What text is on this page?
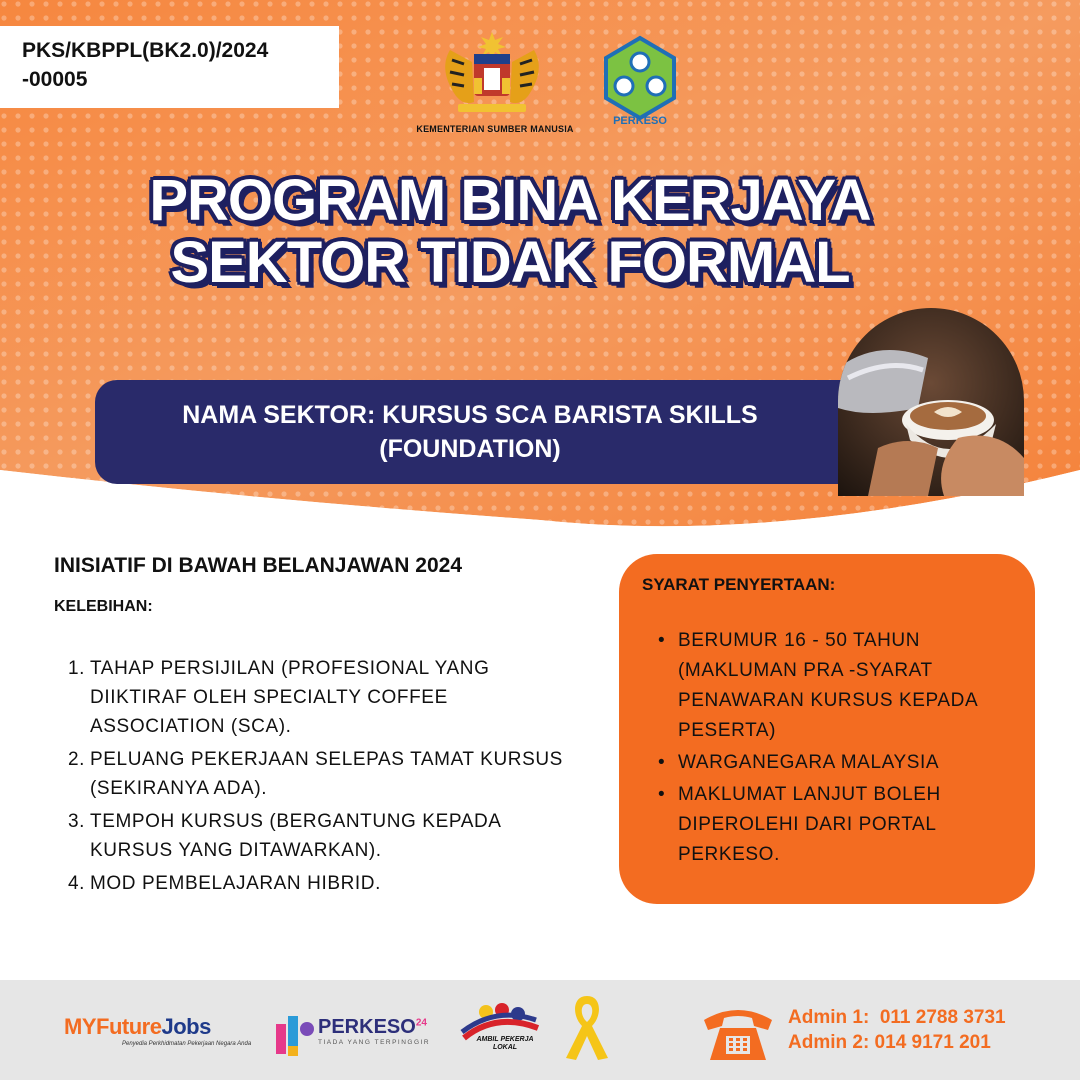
PKS/KBPPL(BK2.0)/2024
-00005
KEMENTERIAN SUMBER MANUSIA
PERKESO
PROGRAM BINA KERJAYA
SEKTOR TIDAK FORMAL
NAMA SEKTOR: KURSUS SCA BARISTA SKILLS
(FOUNDATION)
INISIATIF DI BAWAH BELANJAWAN 2024
KELEBIHAN:
1. TAHAP PERSIJILAN (PROFESIONAL YANG DIIKTIRAF OLEH SPECIALTY COFFEE ASSOCIATION (SCA).
2. PELUANG PEKERJAAN SELEPAS TAMAT KURSUS (SEKIRANYA ADA).
3. TEMPOH KURSUS (BERGANTUNG KEPADA KURSUS YANG DITAWARKAN).
4. MOD PEMBELAJARAN HIBRID.
SYARAT PENYERTAAN:
• BERUMUR 16 - 50 TAHUN (MAKLUMAN PRA -SYARAT PENAWARAN KURSUS KEPADA PESERTA)
• WARGANEGARA MALAYSIA
• MAKLUMAT LANJUT BOLEH DIPEROLEHI DARI PORTAL PERKESO.
MYFutureJobs
Penyedia Perkhidmatan Pekerjaan Negara Anda
PERKESO$^{24}$
TIADA YANG TERPINGGIR	AMBIL PEKERJA
LOKAL
Admin 1:  011 2788 3731
Admin 2: 014 9171 201
